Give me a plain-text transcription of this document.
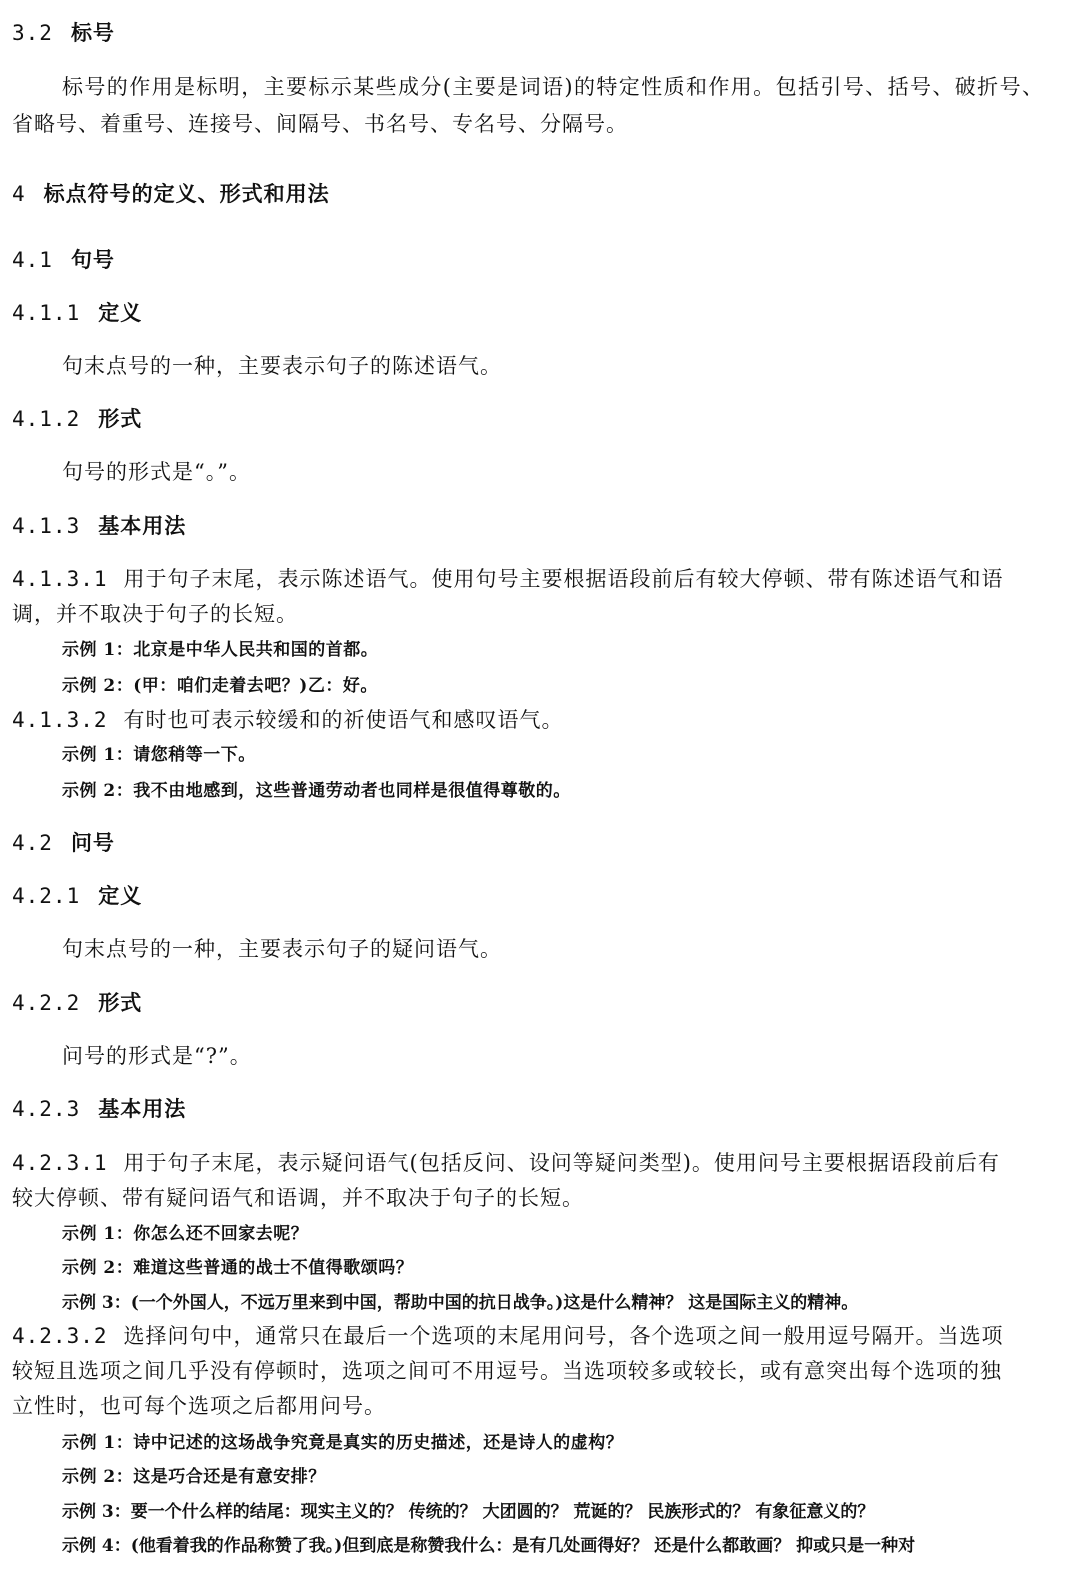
3.2 标号
标号的作用是标明，主要标示某些成分(主要是词语)的特定性质和作用。包括引号、括号、破折号、
省略号、着重号、连接号、间隔号、书名号、专名号、分隔号。
4 标点符号的定义、形式和用法
4.1 句号
4.1.1 定义
句末点号的一种，主要表示句子的陈述语气。
4.1.2 形式
句号的形式是“。”。
4.1.3 基本用法
4.1.3.1 用于句子末尾，表示陈述语气。使用句号主要根据语段前后有较大停顿、带有陈述语气和语
调，并不取决于句子的长短。
示例 1：北京是中华人民共和国的首都。
示例 2：(甲：咱们走着去吧？)乙：好。
4.1.3.2 有时也可表示较缓和的祈使语气和感叹语气。
示例 1：请您稍等一下。
示例 2：我不由地感到，这些普通劳动者也同样是很值得尊敬的。
4.2 问号
4.2.1 定义
句末点号的一种，主要表示句子的疑问语气。
4.2.2 形式
问号的形式是“?”。
4.2.3 基本用法
4.2.3.1 用于句子末尾，表示疑问语气(包括反问、设问等疑问类型)。使用问号主要根据语段前后有
较大停顿、带有疑问语气和语调，并不取决于句子的长短。
示例 1：你怎么还不回家去呢？
示例 2：难道这些普通的战士不值得歌颂吗？
示例 3：(一个外国人，不远万里来到中国，帮助中国的抗日战争。)这是什么精神？ 这是国际主义的精神。
4.2.3.2 选择问句中，通常只在最后一个选项的末尾用问号，各个选项之间一般用逗号隔开。当选项
较短且选项之间几乎没有停顿时，选项之间可不用逗号。当选项较多或较长，或有意突出每个选项的独
立性时，也可每个选项之后都用问号。
示例 1：诗中记述的这场战争究竟是真实的历史描述，还是诗人的虚构？
示例 2：这是巧合还是有意安排？
示例 3：要一个什么样的结尾：现实主义的？ 传统的？ 大团圆的？ 荒诞的？ 民族形式的？ 有象征意义的？
示例 4：(他看着我的作品称赞了我。)但到底是称赞我什么：是有几处画得好？ 还是什么都敢画？ 抑或只是一种对
